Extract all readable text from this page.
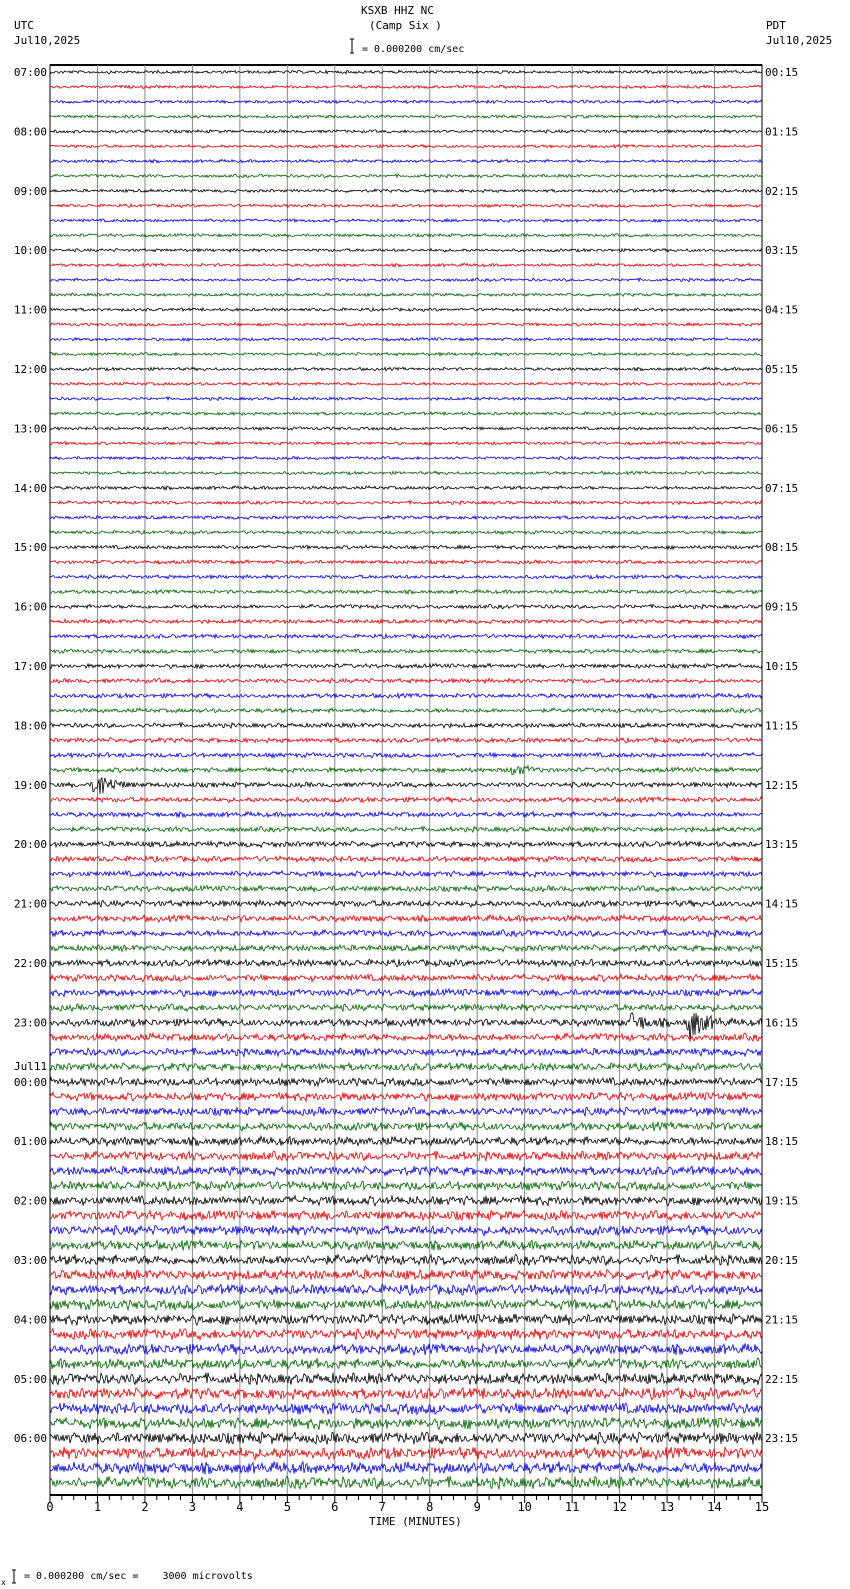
KSXB HHZ NC
(Camp Six )
UTC
Jul10,2025
PDT
Jul10,2025
= 0.000200 cm/sec
x
= 0.000200 cm/sec =    3000 microvolts
TIME (MINUTES)
0	1	2	3	4	5	6	7	8	9	10	11	12	13	14	15
07:00
08:00
09:00
10:00
11:00
12:00
13:00
14:00
15:00
16:00
17:00
18:00
19:00
20:00
21:00
22:00
23:00
00:00
01:00
02:00
03:00
04:00
05:00
06:00
00:15
01:15
02:15
03:15
04:15
05:15
06:15
07:15
08:15
09:15
10:15
11:15
12:15
13:15
14:15
15:15
16:15
17:15
18:15
19:15
20:15
21:15
22:15
23:15
Jul11
